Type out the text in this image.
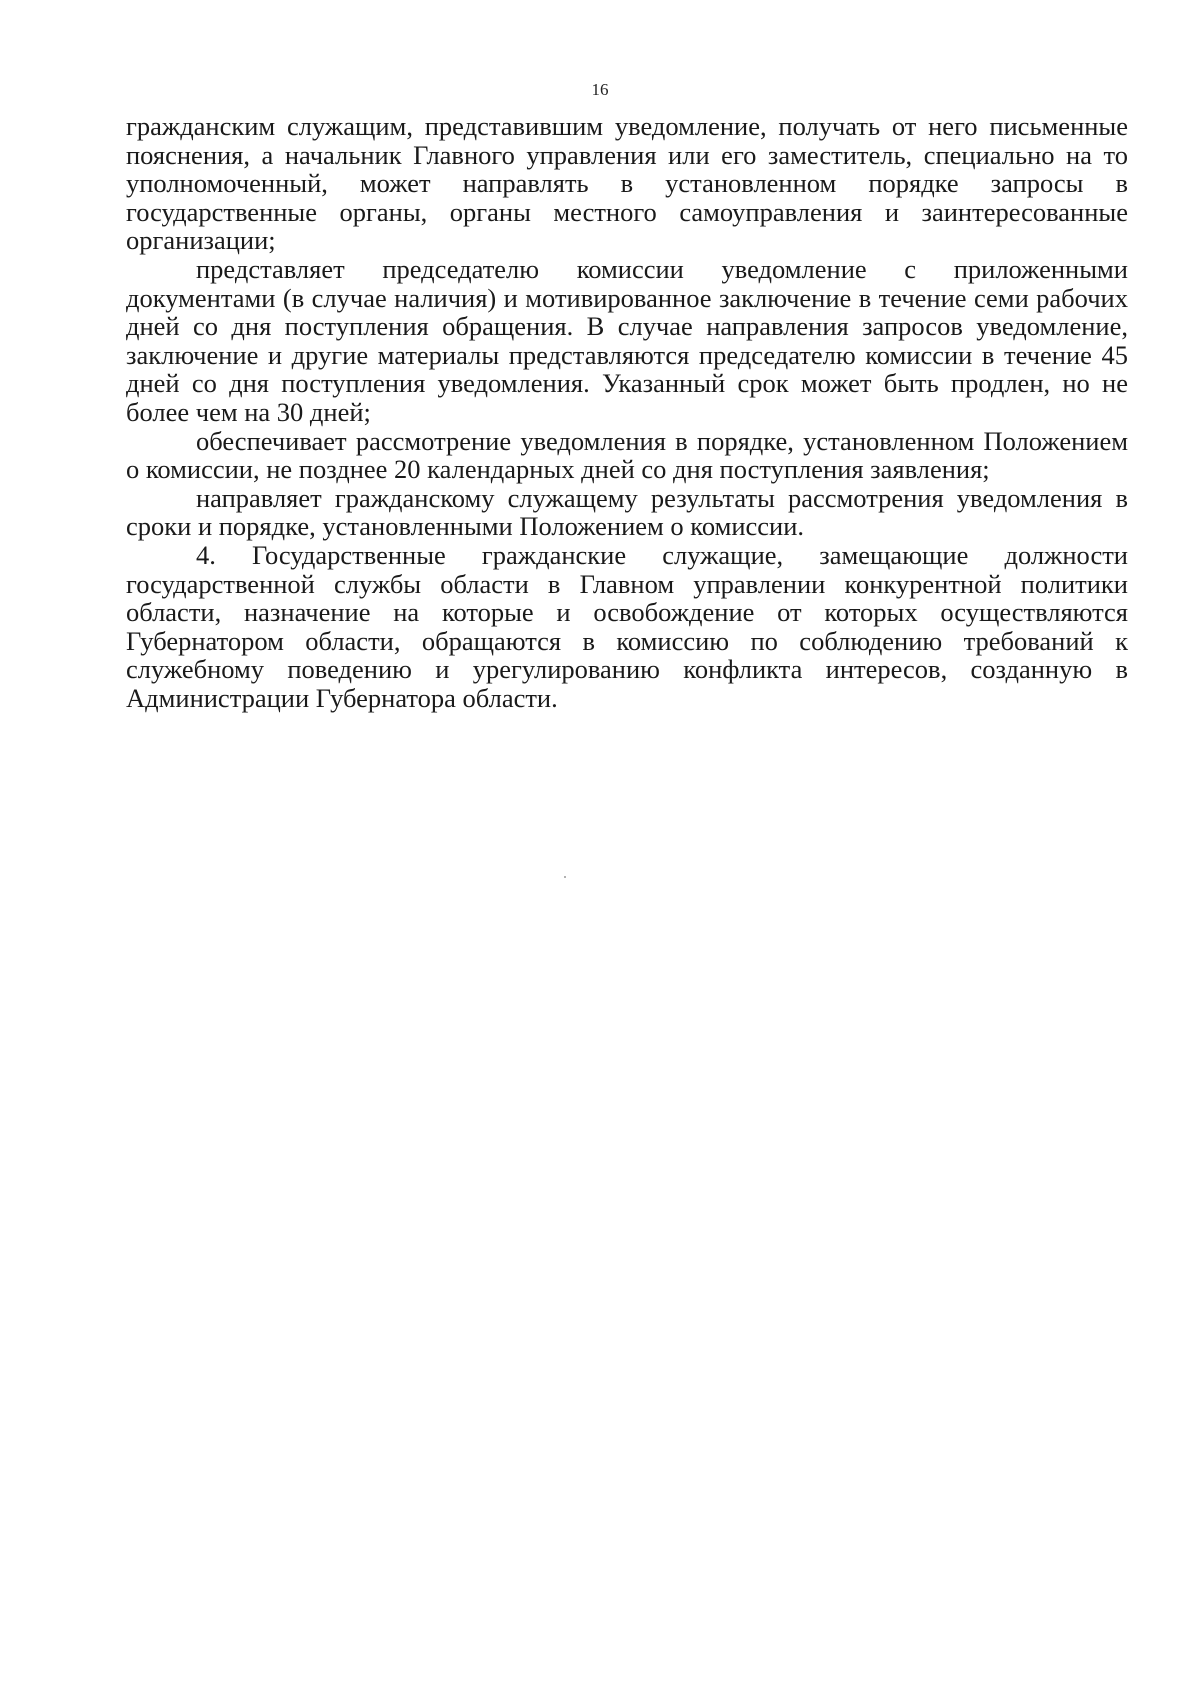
16

гражданским служащим, представившим уведомление, получать от него письменные пояснения, а начальник Главного управления или его заместитель, специально на то уполномоченный, может направлять в установленном порядке запросы в государственные органы, органы местного самоуправления и заинтересованные организации;

представляет председателю комиссии уведомление с приложенными документами (в случае наличия) и мотивированное заключение в течение семи рабочих дней со дня поступления обращения. В случае направления запросов уведомление, заключение и другие материалы представляются председателю комиссии в течение 45 дней со дня поступления уведомления. Указанный срок может быть продлен, но не более чем на 30 дней;

обеспечивает рассмотрение уведомления в порядке, установленном Положением о комиссии, не позднее 20 календарных дней со дня поступления заявления;

направляет гражданскому служащему результаты рассмотрения уведомления в сроки и порядке, установленными Положением о комиссии.

4. Государственные гражданские служащие, замещающие должности государственной службы области в Главном управлении конкурентной политики области, назначение на которые и освобождение от которых осуществляются Губернатором области, обращаются в комиссию по соблюдению требований к служебному поведению и урегулированию конфликта интересов, созданную в Администрации Губернатора области.
